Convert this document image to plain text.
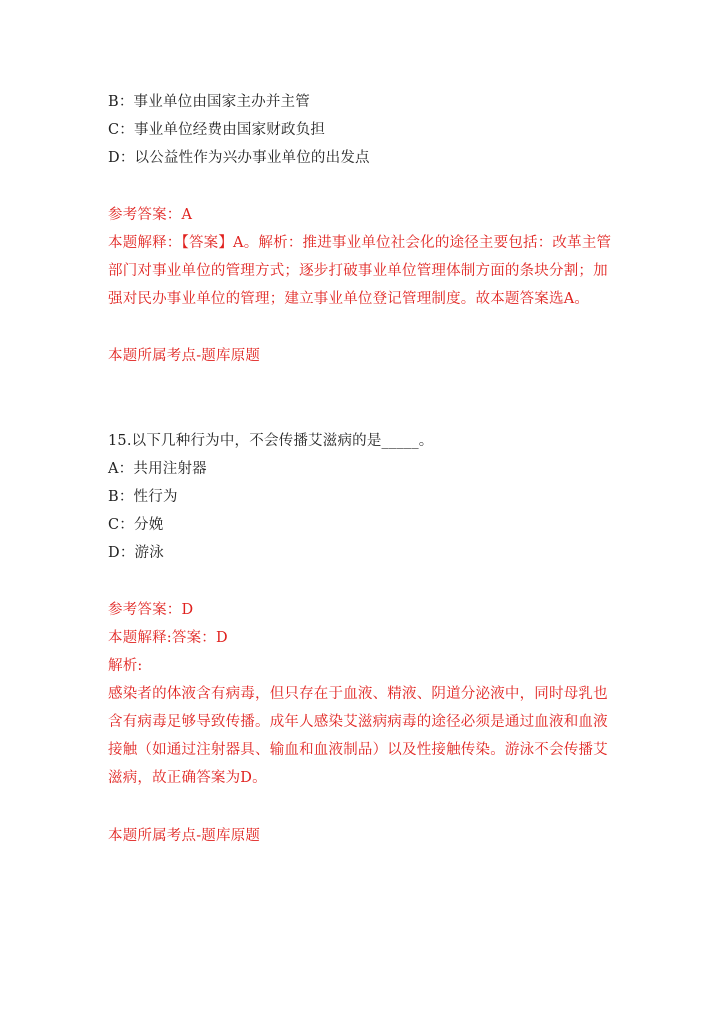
B：事业单位由国家主办并主管
C：事业单位经费由国家财政负担
D：以公益性作为兴办事业单位的出发点
参考答案：A
本题解释：【答案】A。解析：推进事业单位社会化的途径主要包括：改革主管
部门对事业单位的管理方式；逐步打破事业单位管理体制方面的条块分割；加
强对民办事业单位的管理；建立事业单位登记管理制度。故本题答案选A。
本题所属考点-题库原题
15.以下几种行为中，不会传播艾滋病的是_____。
A：共用注射器
B：性行为
C：分娩
D：游泳
参考答案：D
本题解释:答案：D
解析:
感染者的体液含有病毒，但只存在于血液、精液、阴道分泌液中，同时母乳也
含有病毒足够导致传播。成年人感染艾滋病病毒的途径必须是通过血液和血液
接触（如通过注射器具、输血和血液制品）以及性接触传染。游泳不会传播艾
滋病，故正确答案为D。
本题所属考点-题库原题
